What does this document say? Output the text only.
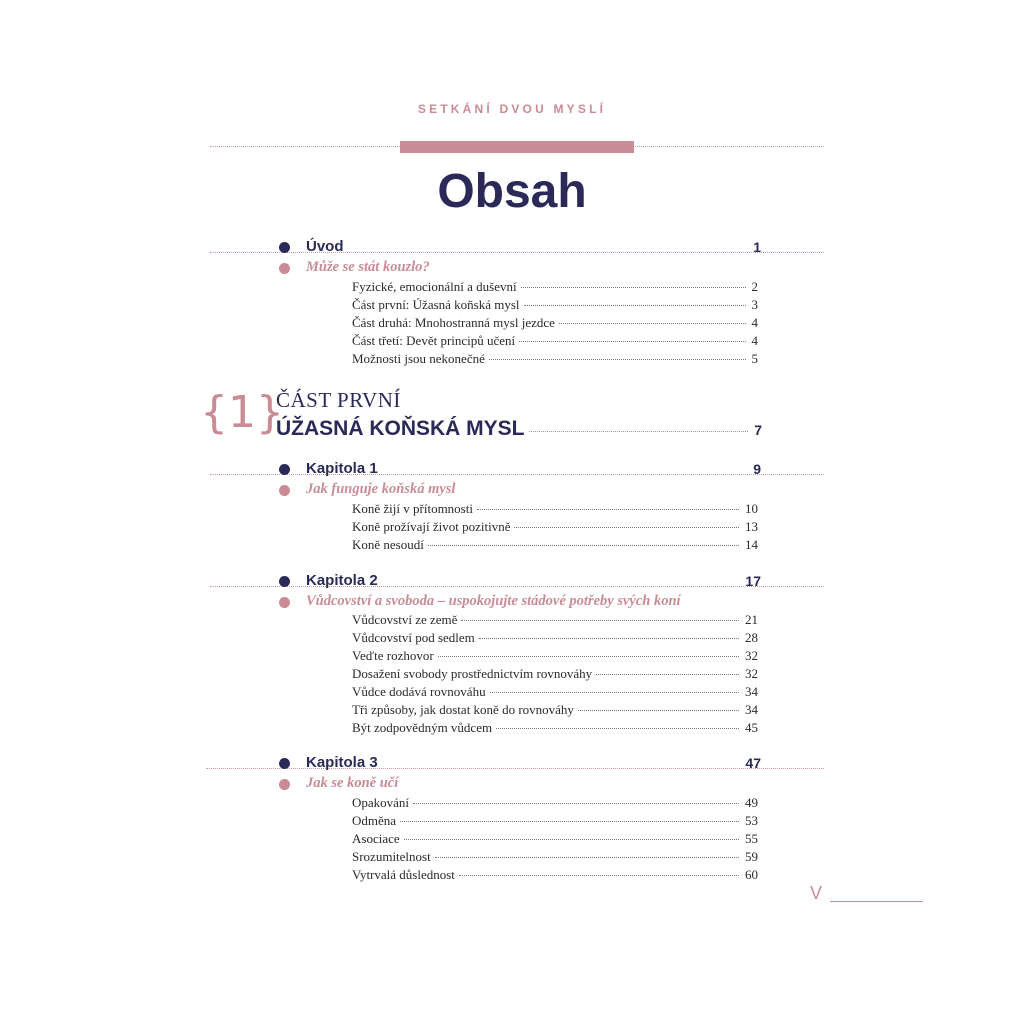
SETKÁNÍ DVOU MYSLÍ
Obsah
Úvod	1
Může se stát kouzlo?
Fyzické, emocionální a duševní	2
Část první: Úžasná koňská mysl	3
Část druhá: Mnohostranná mysl jezdce	4
Část třetí: Devět principů učení	4
Možnosti jsou nekonečné	5
{1}
ČÁST PRVNÍ
ÚŽASNÁ KOŇSKÁ MYSL	7
Kapitola 1	9
Jak funguje koňská mysl
Koně žijí v přítomnosti	10
Koně prožívají život pozitivně	13
Koně nesoudí	14
Kapitola 2	17
Vůdcovství a svoboda – uspokojujte stádové potřeby svých koní
Vůdcovství ze země	21
Vůdcovství pod sedlem	28
Veďte rozhovor	32
Dosažení svobody prostřednictvím rovnováhy	32
Vůdce dodává rovnováhu	34
Tři způsoby, jak dostat koně do rovnováhy	34
Být zodpovědným vůdcem	45
Kapitola 3	47
Jak se koně učí
Opakování	49
Odměna	53
Asociace	55
Srozumitelnost	59
Vytrvalá důslednost	60
V
